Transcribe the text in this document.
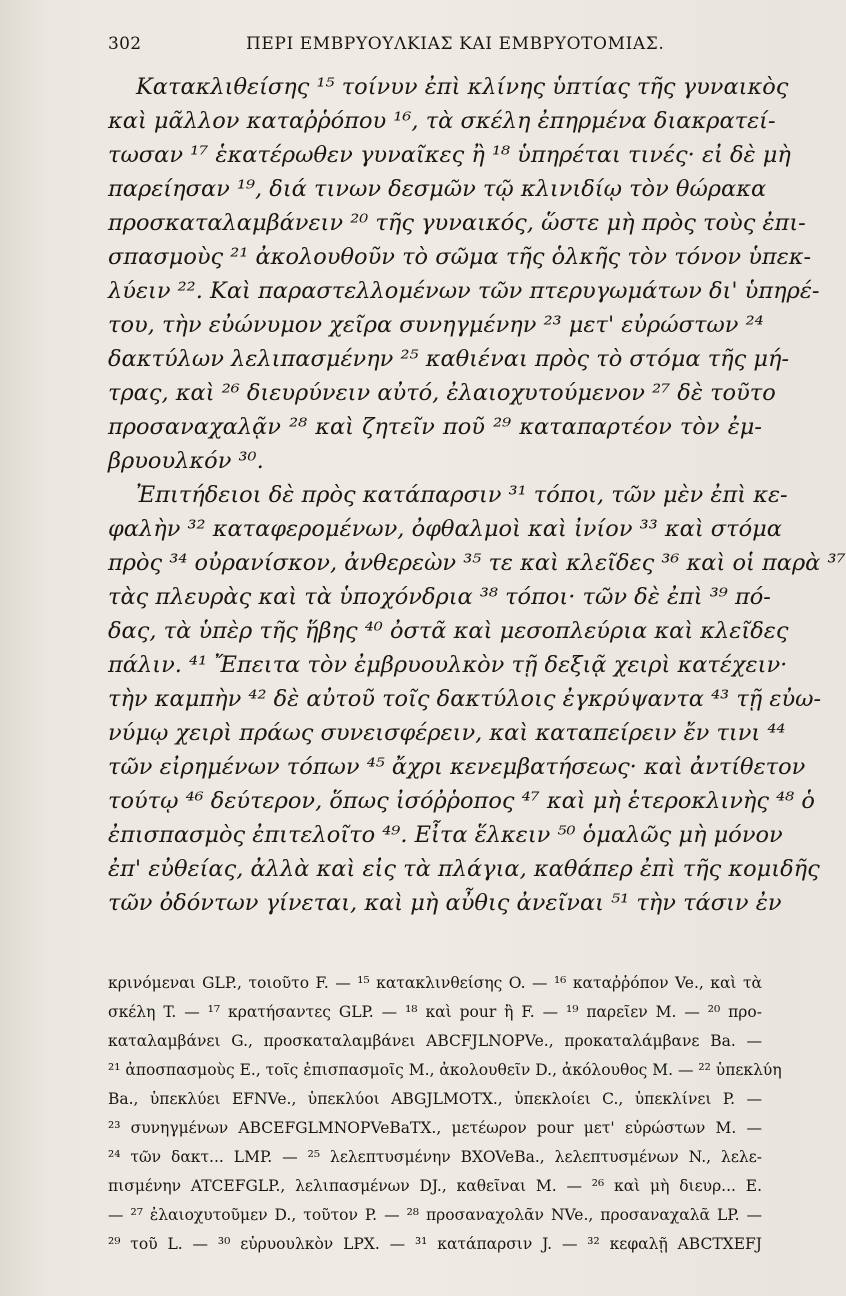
302	ΠΕΡΙ ΕΜΒΡΥΟΥΛΚΙΑΣ ΚΑΙ ΕΜΒΡΥΟΤΟΜΙΑΣ.
Κατακλιθείσης ¹⁵ τοίνυν ἐπὶ κλίνης ὑπτίας τῆς γυναικὸς
καὶ μᾶλλον καταῤῥόπου ¹⁶, τὰ σκέλη ἐπηρμένα διακρατεί-
τωσαν ¹⁷ ἑκατέρωθεν γυναῖκες ἢ ¹⁸ ὑπηρέται τινές· εἰ δὲ μὴ
παρείησαν ¹⁹, διά τινων δεσμῶν τῷ κλινιδίῳ τὸν θώρακα
προσκαταλαμβάνειν ²⁰ τῆς γυναικός, ὥστε μὴ πρὸς τοὺς ἐπι-
σπασμοὺς ²¹ ἀκολουθοῦν τὸ σῶμα τῆς ὁλκῆς τὸν τόνον ὑπεκ-
λύειν ²². Καὶ παραστελλομένων τῶν πτερυγωμάτων δι' ὑπηρέ-
του, τὴν εὐώνυμον χεῖρα συνηγμένην ²³ μετ' εὐρώστων ²⁴
δακτύλων λελιπασμένην ²⁵ καθιέναι πρὸς τὸ στόμα τῆς μή-
τρας, καὶ ²⁶ διευρύνειν αὐτό, ἐλαιοχυτούμενον ²⁷ δὲ τοῦτο
προσαναχαλᾷν ²⁸ καὶ ζητεῖν ποῦ ²⁹ καταπαρτέον τὸν ἐμ-
βρυουλκόν ³⁰.
Ἐπιτήδειοι δὲ πρὸς κατάπαρσιν ³¹ τόποι, τῶν μὲν ἐπὶ κε-
φαλὴν ³² καταφερομένων, ὀφθαλμοὶ καὶ ἰνίον ³³ καὶ στόμα
πρὸς ³⁴ οὐρανίσκον, ἀνθερεὼν ³⁵ τε καὶ κλεῖδες ³⁶ καὶ οἱ παρὰ ³⁷
τὰς πλευρὰς καὶ τὰ ὑποχόνδρια ³⁸ τόποι· τῶν δὲ ἐπὶ ³⁹ πό-
δας, τὰ ὑπὲρ τῆς ἥβης ⁴⁰ ὀστᾶ καὶ μεσοπλεύρια καὶ κλεῖδες
πάλιν. ⁴¹ Ἔπειτα τὸν ἐμβρυουλκὸν τῇ δεξιᾷ χειρὶ κατέχειν·
τὴν καμπὴν ⁴² δὲ αὐτοῦ τοῖς δακτύλοις ἐγκρύψαντα ⁴³ τῇ εὐω-
νύμῳ χειρὶ πράως συνεισφέρειν, καὶ καταπείρειν ἔν τινι ⁴⁴
τῶν εἰρημένων τόπων ⁴⁵ ἄχρι κενεμβατήσεως· καὶ ἀντίθετον
τούτῳ ⁴⁶ δεύτερον, ὅπως ἰσόῤῥοπος ⁴⁷ καὶ μὴ ἑτεροκλινὴς ⁴⁸ ὁ
ἐπισπασμὸς ἐπιτελοῖτο ⁴⁹. Εἶτα ἕλκειν ⁵⁰ ὁμαλῶς μὴ μόνον
ἐπ' εὐθείας, ἀλλὰ καὶ εἰς τὰ πλάγια, καθάπερ ἐπὶ τῆς κομιδῆς
τῶν ὀδόντων γίνεται, καὶ μὴ αὖθις ἀνεῖναι ⁵¹ τὴν τάσιν ἐν
κρινόμεναι GLP., τοιοῦτο F. — ¹⁵ κατακλινθείσης O. — ¹⁶ καταῤῥόπον Ve., καὶ τὰ
σκέλη T. — ¹⁷ κρατήσαντες GLP. — ¹⁸ καὶ pour ἢ F. — ¹⁹ παρεῖεν M. — ²⁰ προ-
καταλαμβάνει G., προσκαταλαμβάνει ABCFJLNOPVe., προκαταλάμβανε Ba. —
²¹ ἀποσπασμοὺς E., τοῖς ἐπισπασμοῖς M., ἀκολουθεῖν D., ἀκόλουθος M. — ²² ὑπεκλύη
Ba., ὑπεκλύει EFNVe., ὑπεκλύοι ABGJLMOTX., ὑπεκλοίει C., ὑπεκλίνει P. —
²³ συνηγμένων ABCEFGLMNOPVeBaTX., μετέωρον pour μετ' εὐρώστων M. —
²⁴ τῶν δακτ... LMP. — ²⁵ λελεπτυσμένην BXOVeBa., λελεπτυσμένων N., λελε-
πισμένην ATCEFGLP., λελιπασμένων DJ., καθεῖναι M. — ²⁶ καὶ μὴ διευρ... E.
— ²⁷ ἐλαιοχυτοῦμεν D., τοῦτον P. — ²⁸ προσαναχολᾶν NVe., προσαναχαλᾶ LP. —
²⁹ τοῦ L. — ³⁰ εὐρυουλκὸν LPX. — ³¹ κατάπαρσιν J. — ³² κεφαλῇ ABCTXEFJ
